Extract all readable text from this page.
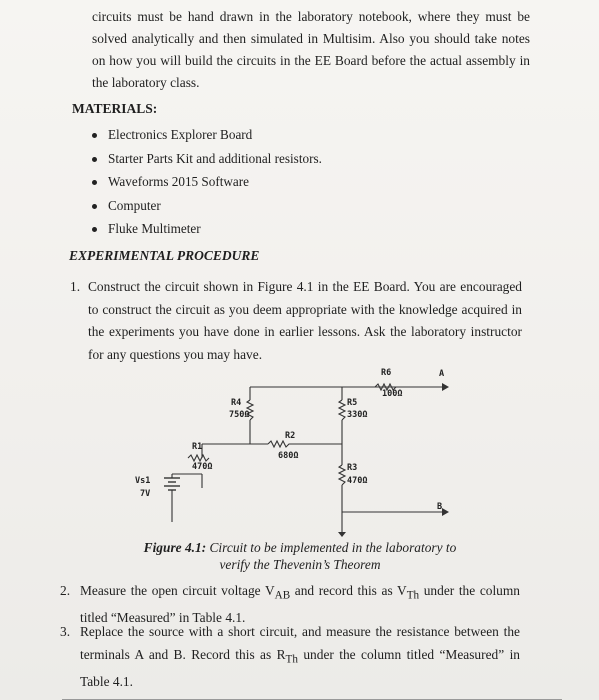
circuits must be hand drawn in the laboratory notebook, where they must be solved analytically and then simulated in Multisim. Also you should take notes on how you will build the circuits in the EE Board before the actual assembly in the laboratory class.
MATERIALS:
Electronics Explorer Board
Starter Parts Kit and additional resistors.
Waveforms 2015 Software
Computer
Fluke Multimeter
EXPERIMENTAL PROCEDURE
1. Construct the circuit shown in Figure 4.1 in the EE Board. You are encouraged to construct the circuit as you deem appropriate with the knowledge acquired in the experiments you have done in earlier lessons. Ask the laboratory instructor for any questions you may have.
R6
100Ω
R4
750Ω
R5
330Ω
R2
680Ω
R1
470Ω	R3
470Ω
Vs1
7V
A
B
Figure 4.1: Circuit to be implemented in the laboratory to verify the Thevenin’s Theorem
2. Measure the open circuit voltage $V_{AB}$ and record this as $V_{Th}$ under the column titled “Measured” in Table 4.1.
3. Replace the source with a short circuit, and measure the resistance between the terminals A and B. Record this as $R_{Th}$ under the column titled “Measured” in Table 4.1.
